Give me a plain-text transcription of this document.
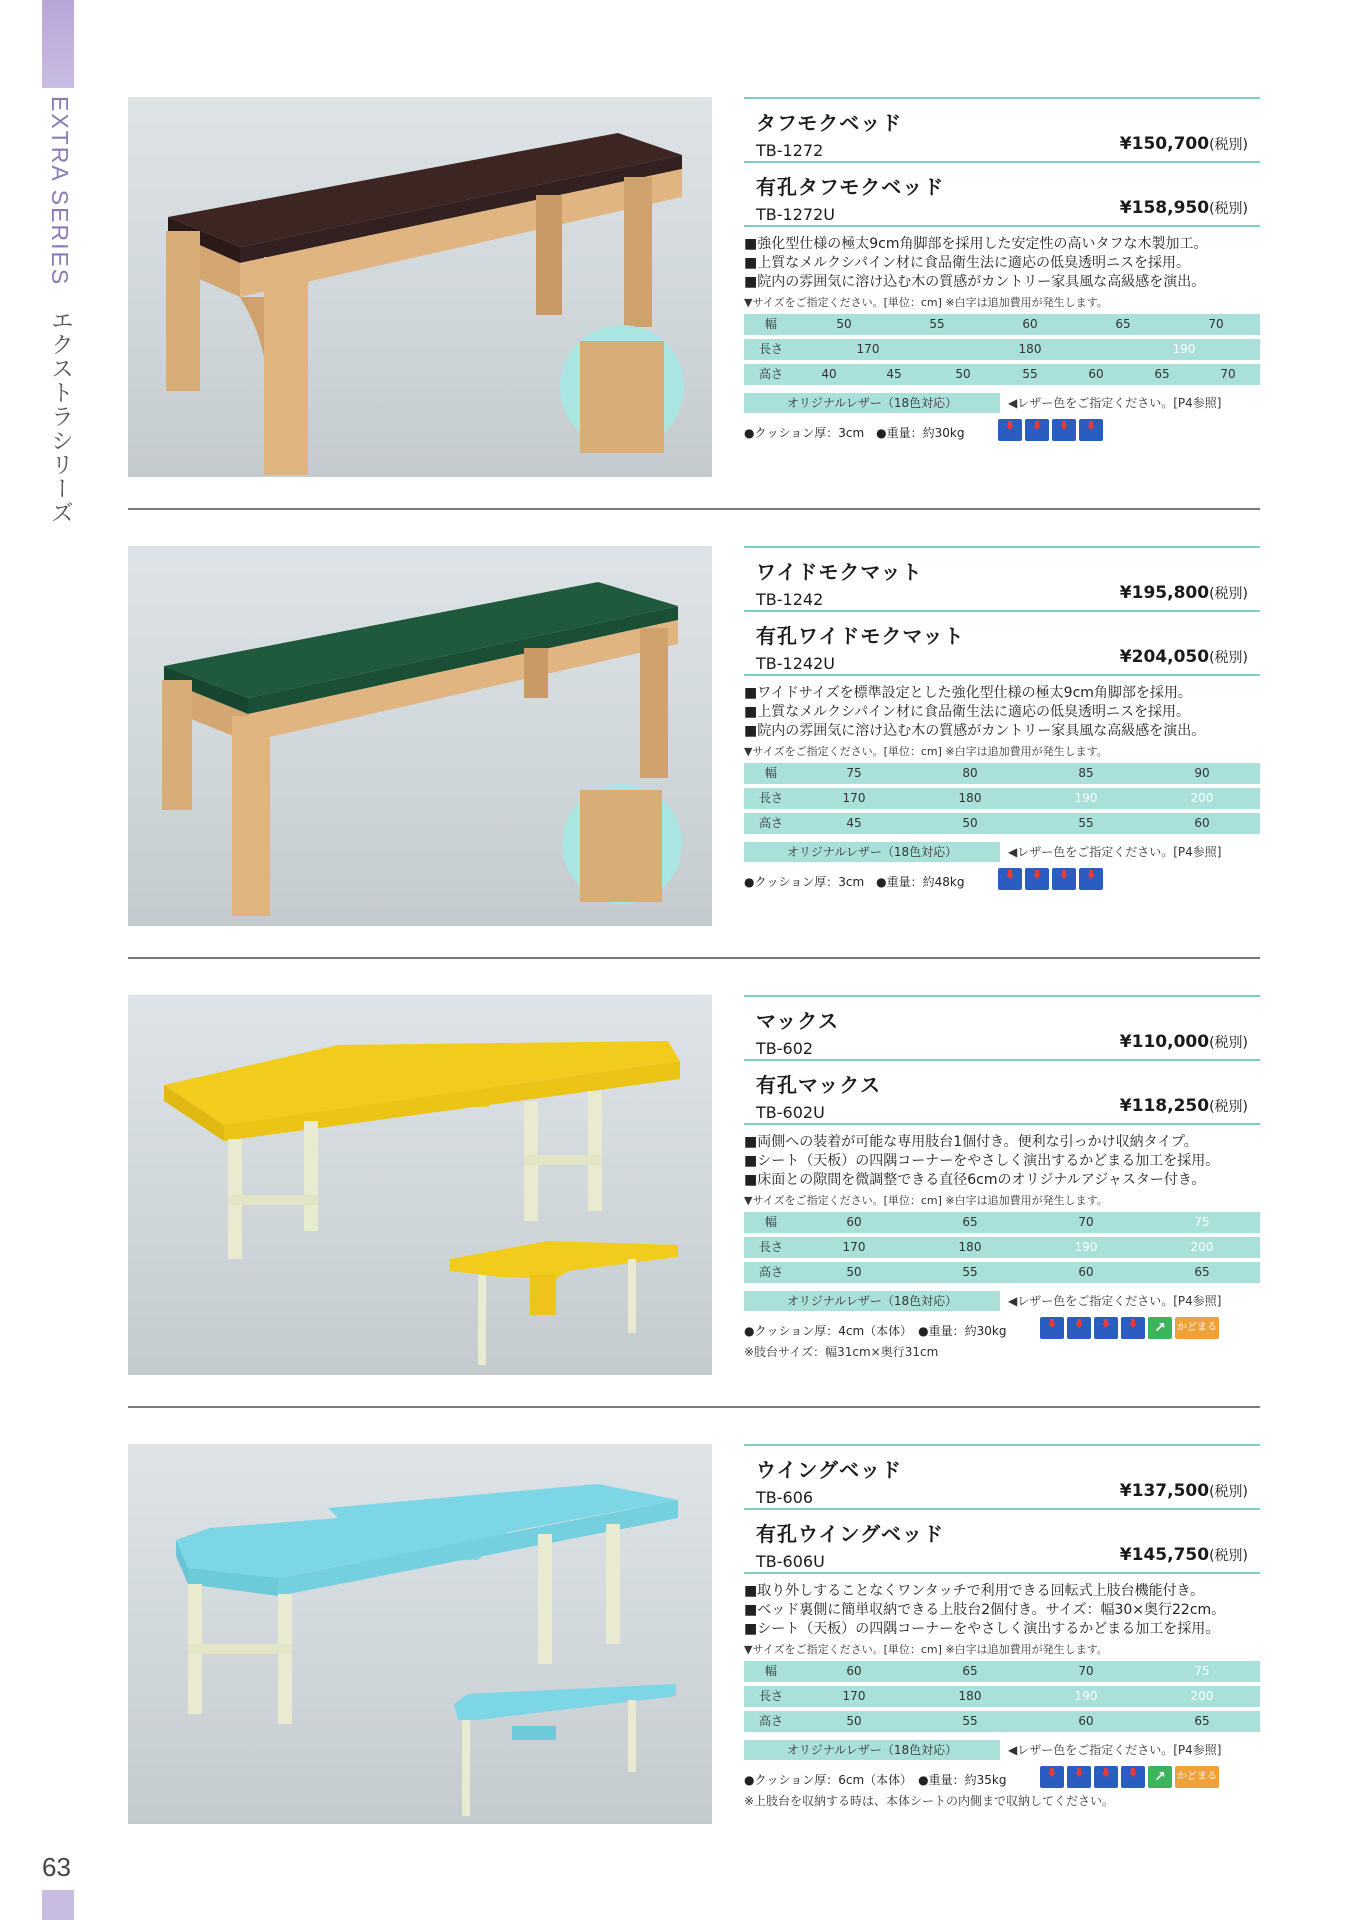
EXTRA SERIES エクストラシリーズ
63
タフモクベッド
TB-1272	¥150,700(税別)
有孔タフモクベッド
TB-1272U	¥158,950(税別)
■強化型仕様の極太9cm角脚部を採用した安定性の高いタフな木製加工。
■上質なメルクシパイン材に食品衛生法に適応の低臭透明ニスを採用。
■院内の雰囲気に溶け込む木の質感がカントリー家具風な高級感を演出。
▼サイズをご指定ください。[単位：cm] ※白字は追加費用が発生します。
幅	50	55	60	65	70
長さ	170	180	190
高さ	40	45	50	55	60	65	70
オリジナルレザー（18色対応）	◀レザー色をご指定ください。[P4参照]
●クッション厚：3cm　●重量：約30kg
ワイドモクマット
TB-1242	¥195,800(税別)
有孔ワイドモクマット
TB-1242U	¥204,050(税別)
■ワイドサイズを標準設定とした強化型仕様の極太9cm角脚部を採用。
■上質なメルクシパイン材に食品衛生法に適応の低臭透明ニスを採用。
■院内の雰囲気に溶け込む木の質感がカントリー家具風な高級感を演出。
▼サイズをご指定ください。[単位：cm] ※白字は追加費用が発生します。
幅	75	80	85	90
長さ	170	180	190	200
高さ	45	50	55	60
オリジナルレザー（18色対応）	◀レザー色をご指定ください。[P4参照]
●クッション厚：3cm　●重量：約48kg
マックス
TB-602	¥110,000(税別)
有孔マックス
TB-602U	¥118,250(税別)
■両側への装着が可能な専用肢台1個付き。便利な引っかけ収納タイプ。
■シート（天板）の四隅コーナーをやさしく演出するかどまる加工を採用。
■床面との隙間を微調整できる直径6cmのオリジナルアジャスター付き。
▼サイズをご指定ください。[単位：cm] ※白字は追加費用が発生します。
幅	60	65	70	75
長さ	170	180	190	200
高さ	50	55	60	65
オリジナルレザー（18色対応）	◀レザー色をご指定ください。[P4参照]
●クッション厚：4cm（本体）　●重量：約30kg	↗	かどまる
※肢台サイズ：幅31cm×奥行31cm
ウイングベッド
TB-606	¥137,500(税別)
有孔ウイングベッド
TB-606U	¥145,750(税別)
■取り外しすることなくワンタッチで利用できる回転式上肢台機能付き。
■ベッド裏側に簡単収納できる上肢台2個付き。サイズ：幅30×奥行22cm。
■シート（天板）の四隅コーナーをやさしく演出するかどまる加工を採用。
▼サイズをご指定ください。[単位：cm] ※白字は追加費用が発生します。
幅	60	65	70	75
長さ	170	180	190	200
高さ	50	55	60	65
オリジナルレザー（18色対応）	◀レザー色をご指定ください。[P4参照]
●クッション厚：6cm（本体）　●重量：約35kg	↗	かどまる
※上肢台を収納する時は、本体シートの内側まで収納してください。
